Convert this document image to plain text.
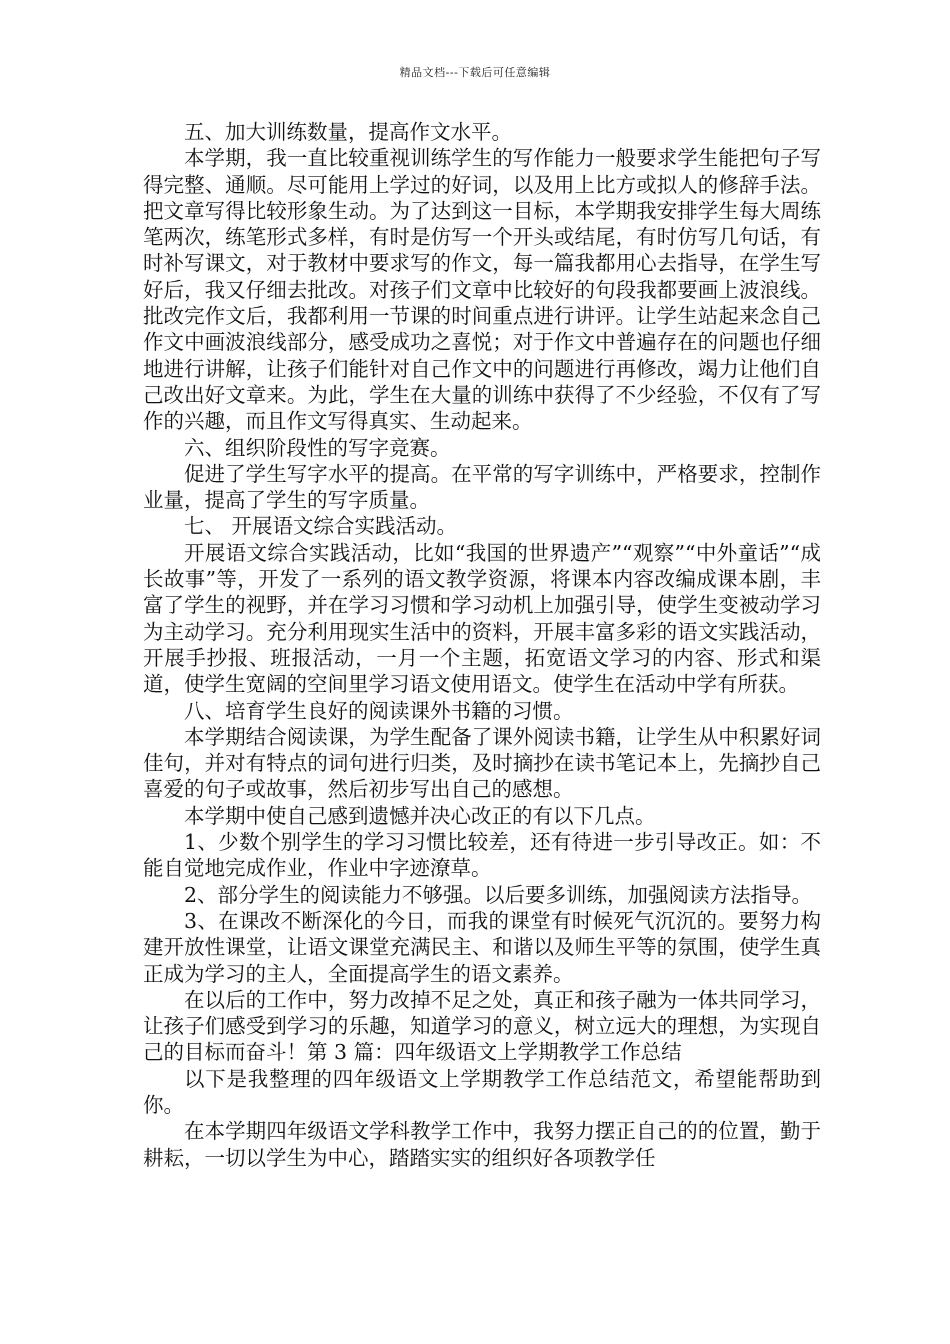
精品文档---下载后可任意编辑

五、加大训练数量，提高作文水平。

本学期，我一直比较重视训练学生的写作能力一般要求学生能把句子写得完整、通顺。尽可能用上学过的好词，以及用上比方或拟人的修辞手法。把文章写得比较形象生动。为了达到这一目标，本学期我安排学生每大周练笔两次，练笔形式多样，有时是仿写一个开头或结尾，有时仿写几句话，有时补写课文，对于教材中要求写的作文，每一篇我都用心去指导，在学生写好后，我又仔细去批改。对孩子们文章中比较好的句段我都要画上波浪线。批改完作文后，我都利用一节课的时间重点进行讲评。让学生站起来念自己作文中画波浪线部分，感受成功之喜悦；对于作文中普遍存在的问题也仔细地进行讲解，让孩子们能针对自己作文中的问题进行再修改，竭力让他们自己改出好文章来。为此，学生在大量的训练中获得了不少经验，不仅有了写作的兴趣，而且作文写得真实、生动起来。

六、组织阶段性的写字竞赛。

促进了学生写字水平的提高。在平常的写字训练中，严格要求，控制作业量，提高了学生的写字质量。

七、 开展语文综合实践活动。

开展语文综合实践活动，比如“我国的世界遗产”“观察”“中外童话”“成长故事”等，开发了一系列的语文教学资源，将课本内容改编成课本剧，丰富了学生的视野，并在学习习惯和学习动机上加强引导，使学生变被动学习为主动学习。充分利用现实生活中的资料，开展丰富多彩的语文实践活动，开展手抄报、班报活动，一月一个主题，拓宽语文学习的内容、形式和渠道，使学生宽阔的空间里学习语文使用语文。使学生在活动中学有所获。

八、培育学生良好的阅读课外书籍的习惯。

本学期结合阅读课，为学生配备了课外阅读书籍，让学生从中积累好词佳句，并对有特点的词句进行归类，及时摘抄在读书笔记本上，先摘抄自己喜爱的句子或故事，然后初步写出自己的感想。

本学期中使自己感到遗憾并决心改正的有以下几点。

1、少数个别学生的学习习惯比较差，还有待进一步引导改正。如：不能自觉地完成作业，作业中字迹潦草。

2、部分学生的阅读能力不够强。以后要多训练，加强阅读方法指导。

3、在课改不断深化的今日，而我的课堂有时候死气沉沉的。要努力构建开放性课堂，让语文课堂充满民主、和谐以及师生平等的氛围，使学生真正成为学习的主人，全面提高学生的语文素养。

在以后的工作中，努力改掉不足之处，真正和孩子融为一体共同学习，让孩子们感受到学习的乐趣，知道学习的意义，树立远大的理想，为实现自己的目标而奋斗！第 3 篇：四年级语文上学期教学工作总结

以下是我整理的四年级语文上学期教学工作总结范文，希望能帮助到你。

在本学期四年级语文学科教学工作中，我努力摆正自己的的位置，勤于耕耘，一切以学生为中心，踏踏实实的组织好各项教学任
